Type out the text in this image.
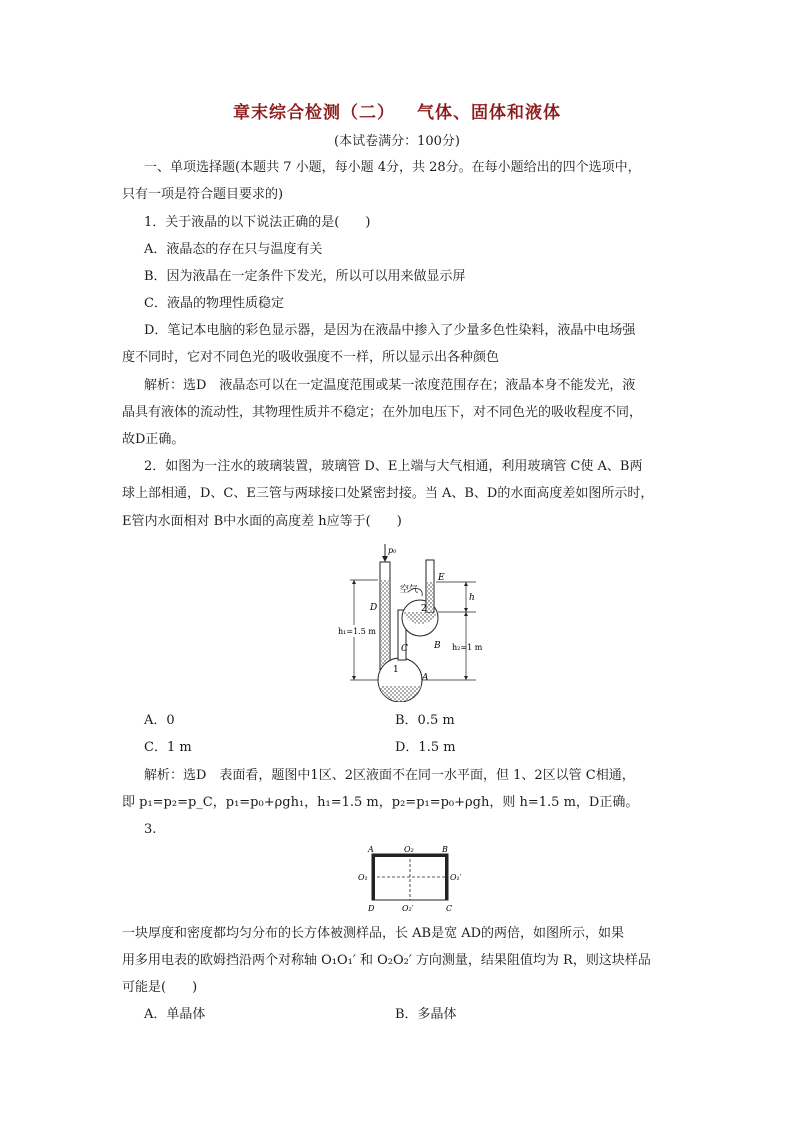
章末综合检测（二） 气体、固体和液体
(本试卷满分：100分)
一、单项选择题(本题共 7 小题，每小题 4分，共 28分。在每小题给出的四个选项中，
只有一项是符合题目要求的)
1．关于液晶的以下说法正确的是(　　)
A．液晶态的存在只与温度有关
B．因为液晶在一定条件下发光，所以可以用来做显示屏
C．液晶的物理性质稳定
D．笔记本电脑的彩色显示器，是因为在液晶中掺入了少量多色性染料，液晶中电场强
度不同时，它对不同色光的吸收强度不一样，所以显示出各种颜色
解析：选D　液晶态可以在一定温度范围或某一浓度范围存在；液晶本身不能发光，液
晶具有液体的流动性，其物理性质并不稳定；在外加电压下，对不同色光的吸收程度不同，
故D正确。
2．如图为一注水的玻璃装置，玻璃管 D、E上端与大气相通，利用玻璃管 C使 A、B两
球上部相通，D、C、E三管与两球接口处紧密封接。当 A、B、D的水面高度差如图所示时，
E管内水面相对 B中水面的高度差 h应等于(　　)
p₀
D
E
空气
2
1
C	B
A
h₁=1.5 m
h
h₂=1 m
A．0	B．0.5 m
C．1 m	D．1.5 m
解析：选D　表面看，题图中1区、2区液面不在同一水平面，但 1、2区以管 C相通，
即 p₁=p₂=p_C，p₁=p₀+ρgh₁，h₁=1.5 m，p₂=p₁=p₀+ρgh，则 h=1.5 m，D正确。
3.
A	B
C
D
O₂
O₂′
O₁	O₁′
一块厚度和密度都均匀分布的长方体被测样品，长 AB是宽 AD的两倍，如图所示，如果
用多用电表的欧姆挡沿两个对称轴 O₁O₁′ 和 O₂O₂′ 方向测量，结果阻值均为 R，则这块样品
可能是(　　)
A．单晶体	B．多晶体
